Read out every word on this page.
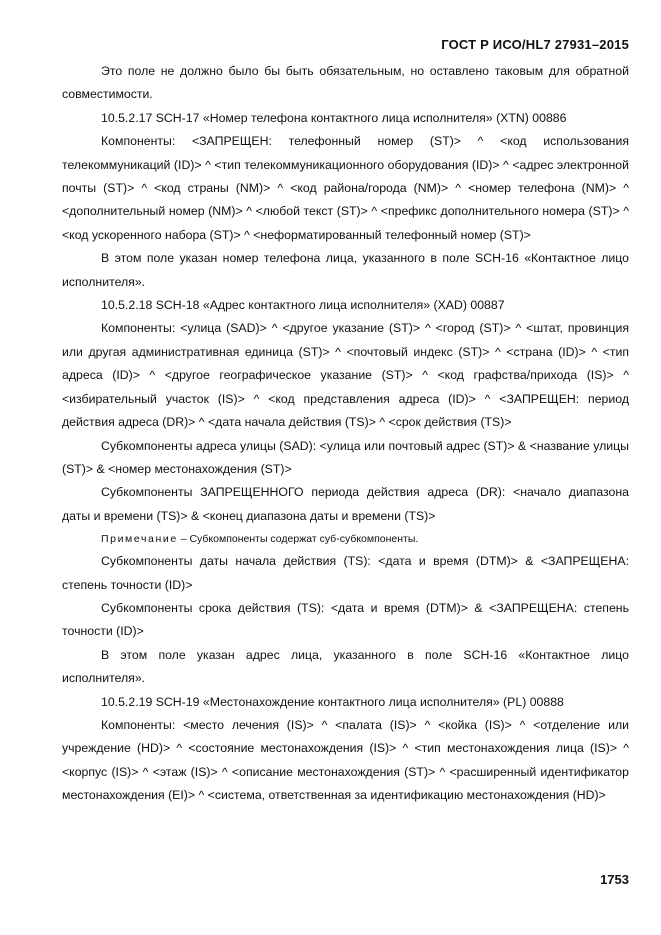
ГОСТ Р ИСО/HL7 27931–2015

Это поле не должно было бы быть обязательным, но оставлено таковым для обратной совместимости.

10.5.2.17 SCH-17 «Номер телефона контактного лица исполнителя» (XTN) 00886

Компоненты: <ЗАПРЕЩЕН: телефонный номер (ST)> ^ <код использования телекоммуникаций (ID)> ^ <тип телекоммуникационного оборудования (ID)> ^ <адрес электронной почты (ST)> ^ <код страны (NM)> ^ <код района/города (NM)> ^ <номер телефона (NM)> ^ <дополнительный номер (NM)> ^ <любой текст (ST)> ^ <префикс дополнительного номера (ST)> ^ <код ускоренного набора (ST)> ^ <неформатированный телефонный номер (ST)>

В этом поле указан номер телефона лица, указанного в поле SCH-16 «Контактное лицо исполнителя».

10.5.2.18 SCH-18 «Адрес контактного лица исполнителя» (XAD) 00887

Компоненты: <улица (SAD)> ^ <другое указание (ST)> ^ <город (ST)> ^ <штат, провинция или другая административная единица (ST)> ^ <почтовый индекс (ST)> ^ <страна (ID)> ^ <тип адреса (ID)> ^ <другое географическое указание (ST)> ^ <код графства/прихода (IS)> ^ <избирательный участок (IS)> ^ <код представления адреса (ID)> ^ <ЗАПРЕЩЕН: период действия адреса (DR)> ^ <дата начала действия (TS)> ^ <срок действия (TS)>

Субкомпоненты адреса улицы (SAD): <улица или почтовый адрес (ST)> & <название улицы (ST)> & <номер местонахождения (ST)>

Субкомпоненты ЗАПРЕЩЕННОГО периода действия адреса (DR): <начало диапазона даты и времени (TS)> & <конец диапазона даты и времени (TS)>

Примечание – Субкомпоненты содержат суб-субкомпоненты.

Субкомпоненты даты начала действия (TS): <дата и время (DTM)> & <ЗАПРЕЩЕНА: степень точности (ID)>

Субкомпоненты срока действия (TS): <дата и время (DTM)> & <ЗАПРЕЩЕНА: степень точности (ID)>

В этом поле указан адрес лица, указанного в поле SCH-16 «Контактное лицо исполнителя».

10.5.2.19 SCH-19 «Местонахождение контактного лица исполнителя» (PL) 00888

Компоненты: <место лечения (IS)> ^ <палата (IS)> ^ <койка (IS)> ^ <отделение или учреждение (HD)> ^ <состояние местонахождения (IS)> ^ <тип местонахождения лица (IS)> ^ <корпус (IS)> ^ <этаж (IS)> ^ <описание местонахождения (ST)> ^ <расширенный идентификатор местонахождения (EI)> ^ <система, ответственная за идентификацию местонахождения (HD)>

1753
